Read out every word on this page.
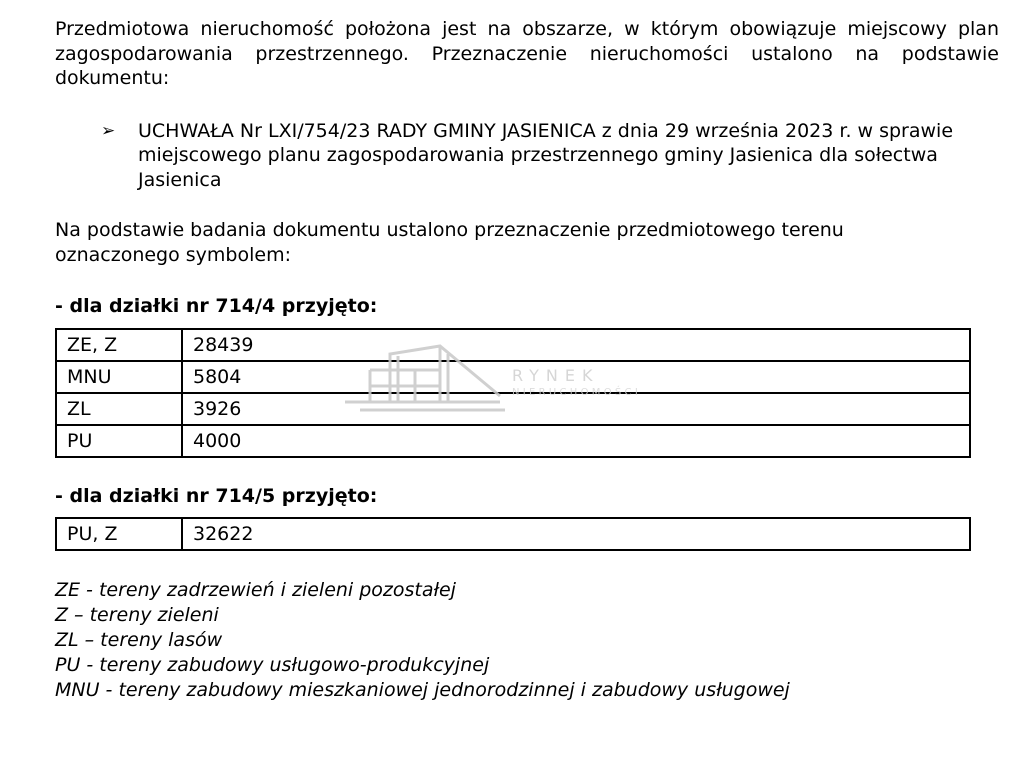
Przedmiotowa nieruchomość położona jest na obszarze, w którym obowiązuje miejscowy plan zagospodarowania przestrzennego. Przeznaczenie nieruchomości ustalono na podstawie dokumentu:

➢ UCHWAŁA Nr LXI/754/23 RADY GMINY JASIENICA z dnia 29 września 2023 r. w sprawie miejscowego planu zagospodarowania przestrzennego gminy Jasienica dla sołectwa Jasienica

Na podstawie badania dokumentu ustalono przeznaczenie przedmiotowego terenu oznaczonego symbolem:

- dla działki nr 714/4 przyjęto:

ZE, Z	28439
MNU	5804
ZL	3926
PU	4000

- dla działki nr 714/5 przyjęto:

PU, Z	32622
ZE - tereny zadrzewień i zieleni pozostałej
Z – tereny zieleni
ZL – tereny lasów
PU - tereny zabudowy usługowo-produkcyjnej
MNU - tereny zabudowy mieszkaniowej jednorodzinnej i zabudowy usługowej
RYNEK
NIERUCHOMOŚCI
